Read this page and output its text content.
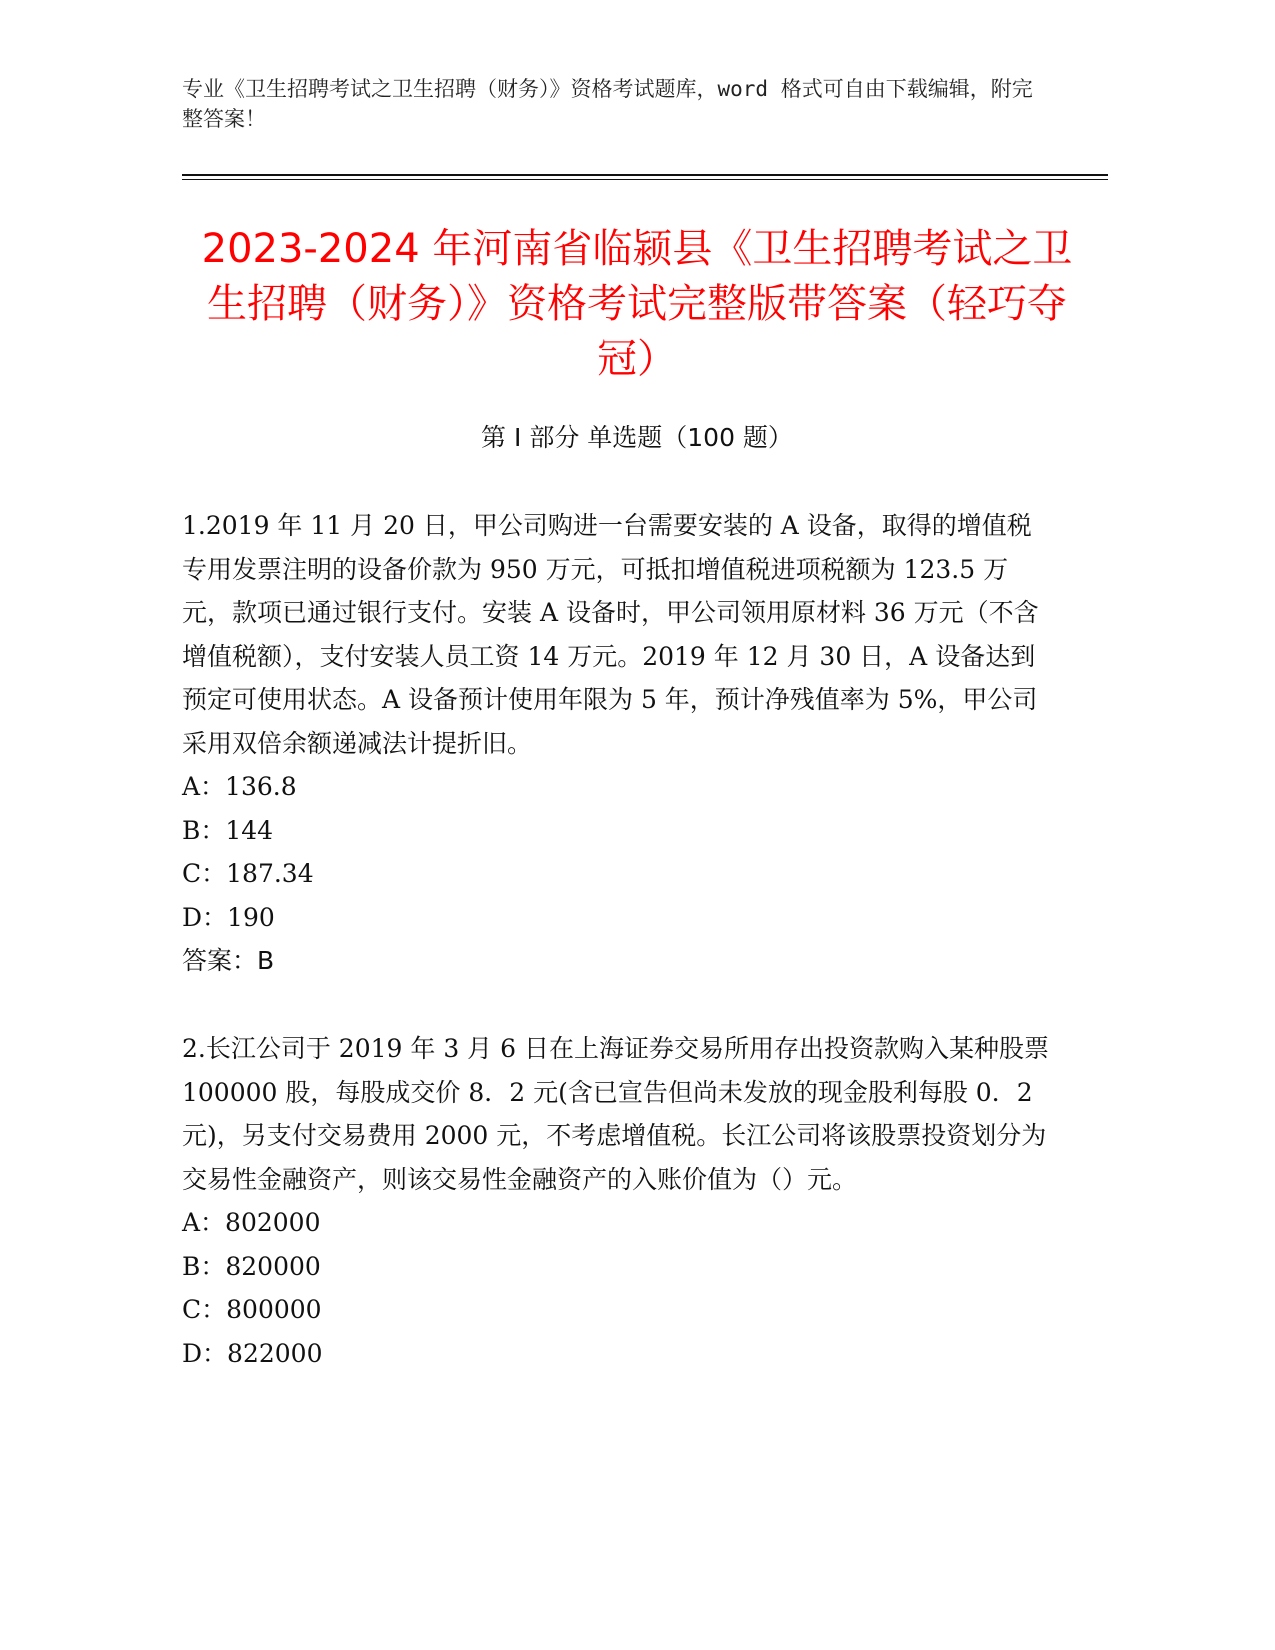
专业《卫生招聘考试之卫生招聘（财务）》资格考试题库，word 格式可自由下载编辑，附完整答案！
2023-2024 年河南省临颍县《卫生招聘考试之卫生招聘（财务）》资格考试完整版带答案（轻巧夺冠）
第 I 部分 单选题（100 题）

1.2019 年 11 月 20 日，甲公司购进一台需要安装的 A 设备，取得的增值税专用发票注明的设备价款为 950 万元，可抵扣增值税进项税额为 123.5 万元，款项已通过银行支付。安装 A 设备时，甲公司领用原材料 36 万元（不含增值税额），支付安装人员工资 14 万元。2019 年 12 月 30 日，A 设备达到预定可使用状态。A 设备预计使用年限为 5 年，预计净残值率为 5%，甲公司采用双倍余额递减法计提折旧。

A：136.8

B：144

C：187.34

D：190

答案：B

2.长江公司于 2019 年 3 月 6 日在上海证券交易所用存出投资款购入某种股票 100000 股，每股成交价 8．2 元(含已宣告但尚未发放的现金股利每股 0．2 元)，另支付交易费用 2000 元，不考虑增值税。长江公司将该股票投资划分为交易性金融资产，则该交易性金融资产的入账价值为（）元。

A：802000

B：820000

C：800000

D：822000
